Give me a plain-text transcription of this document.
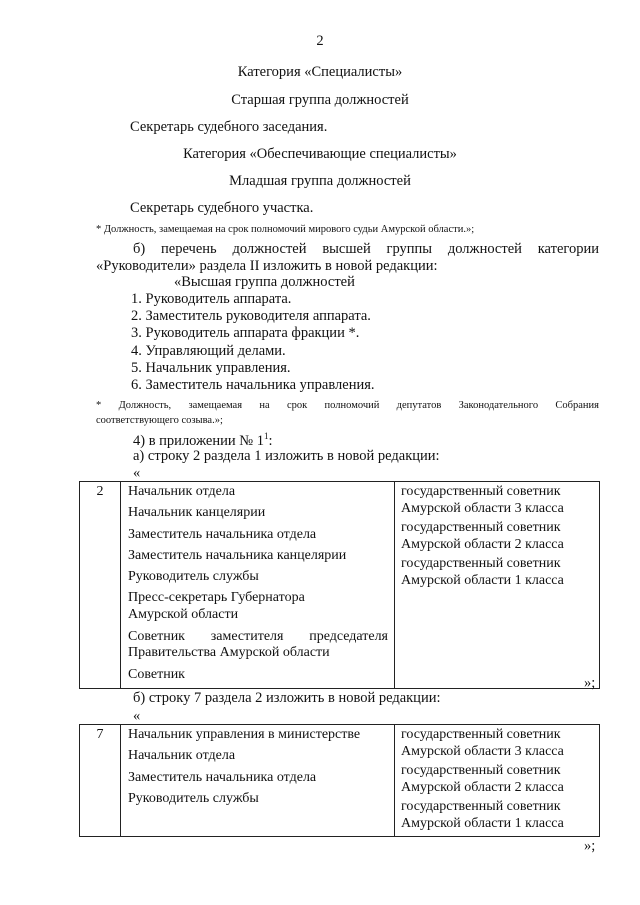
2
Категория «Специалисты»
Старшая группа должностей
Секретарь судебного заседания.
Категория «Обеспечивающие специалисты»
Младшая группа должностей
Секретарь судебного участка.
* Должность, замещаемая на срок полномочий мирового судьи Амурской области.»;
б) перечень должностей высшей группы должностей категории
«Руководители» раздела II изложить в новой редакции:
«Высшая группа должностей
1. Руководитель аппарата.
2. Заместитель руководителя аппарата.
3. Руководитель аппарата фракции *.
4. Управляющий делами.
5. Начальник управления.
6. Заместитель начальника управления.
* Должность, замещаемая на срок полномочий депутатов Законодательного Собрания
соответствующего созыва.»;
4) в приложении № $1^1$:
а) строку 2 раздела 1 изложить в новой редакции:
«
2	Начальник отдела
Начальник канцелярии
Заместитель начальника отдела
Заместитель начальника канцелярии
Руководитель службы
Пресс-секретарь Губернатора Амурской области
Советник заместителя председателя Правительства Амурской области
Советник

государственный советник Амурской области 3 класса
государственный советник Амурской области 2 класса
государственный советник Амурской области 1 класса
»;
б) строку 7 раздела 2 изложить в новой редакции:
«
7	Начальник управления в министерстве
Начальник отдела
Заместитель начальника отдела
Руководитель службы

государственный советник Амурской области 3 класса
государственный советник Амурской области 2 класса
государственный советник Амурской области 1 класса
»;
